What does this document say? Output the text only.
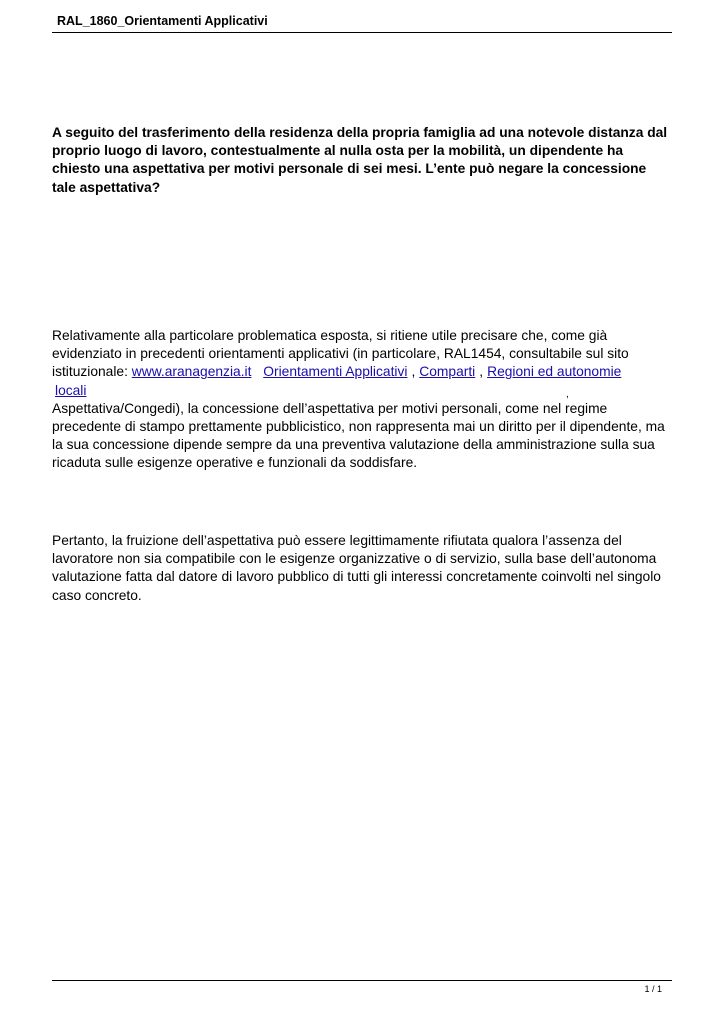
RAL_1860_Orientamenti Applicativi
A seguito del trasferimento della residenza della propria famiglia ad una notevole distanza dal proprio luogo di lavoro, contestualmente al nulla osta per la mobilità, un dipendente ha chiesto una aspettativa per motivi personale di sei mesi. L’ente può negare la concessione tale aspettativa?
Relativamente alla particolare problematica esposta, si ritiene utile precisare che, come già
evidenziato in precedenti orientamenti applicativi (in particolare, RAL1454, consultabile sul sito
istituzionale: www.aranagenzia.it Orientamenti Applicativi , Comparti , Regioni ed autonomie
locali	,
Aspettativa/Congedi), la concessione dell’aspettativa per motivi personali, come nel regime precedente di stampo prettamente pubblicistico, non rappresenta mai un diritto per il dipendente, ma la sua concessione dipende sempre da una preventiva valutazione della amministrazione sulla sua ricaduta sulle esigenze operative e funzionali da soddisfare.
Pertanto, la fruizione dell’aspettativa può essere legittimamente rifiutata qualora l’assenza del lavoratore non sia compatibile con le esigenze organizzative o di servizio, sulla base dell’autonoma valutazione fatta dal datore di lavoro pubblico di tutti gli interessi concretamente coinvolti nel singolo caso concreto.
1 / 1
